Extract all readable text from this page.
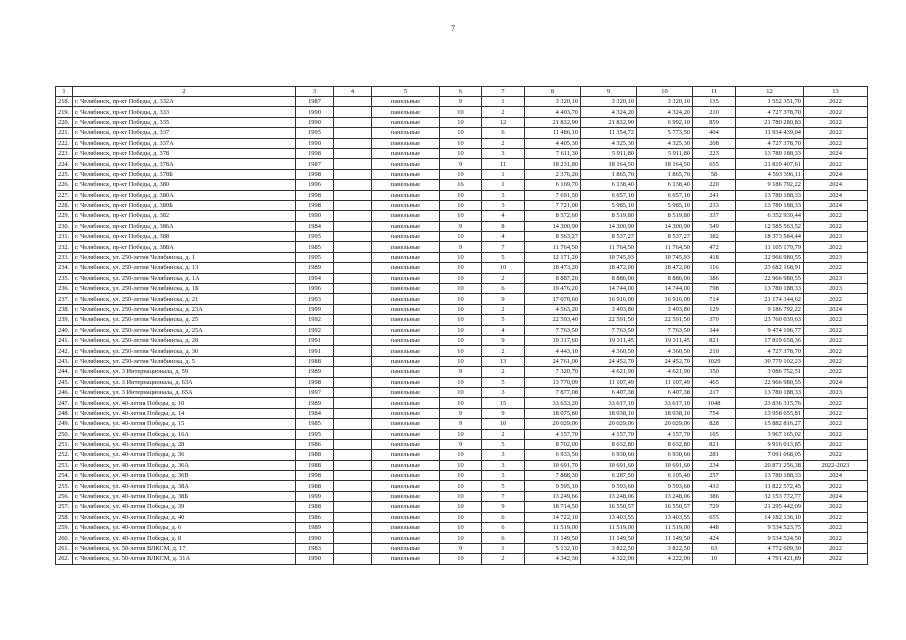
7
1	2	3	4	5	6	7	8	9	10	11	12	13
218.	г. Челябинск, пр-кт Победы, д. 332А	1987		панельные	9	1	3 320,10	3 320,10	3 320,10	135	1 552 351,70	2022
219.	г. Челябинск, пр-кт Победы, д. 333	1990		панельные	10	2	4 403,70	4 324,20	4 324,20	210	4 727 378,70	2022
220.	г. Челябинск, пр-кт Победы, д. 335	1990		панельные	10	12	21 832,90	21 832,90	6 992,10	859	21 780 280,83	2022
221.	г. Челябинск, пр-кт Победы, д. 337	1995		панельные	10	6	11 486,10	11 354,72	5 773,50	404	11 934 439,04	2022
222.	г. Челябинск, пр-кт Победы, д. 337А	1990		панельные	10	2	4 405,30	4 325,30	4 325,30	208	4 727 378,70	2022
223.	г. Челябинск, пр-кт Победы, д. 378	1998		панельные	10	3	7 611,30	5 911,80	5 911,80	223	13 780 188,33	2024
224.	г. Челябинск, пр-кт Победы, д. 378А	1987		панельные	9	11	18 231,80	18 164,50	18 164,50	655	21 819 407,61	2022
225.	г. Челябинск, пр-кт Победы, д. 378Б	1998		панельные	10	1	2 376,20	1 865,70	1 865,70	58	4 593 396,11	2024
226.	г. Челябинск, пр-кт Победы, д. 380	1996		панельные	16	1	6 169,70	6 138,40	6 138,40	220	9 186 792,22	2024
227.	г. Челябинск, пр-кт Победы, д. 380А	1998		панельные	10	3	7 691,50	6 057,10	6 057,10	241	13 780 188,33	2024
228.	г. Челябинск, пр-кт Победы, д. 380Б	1998		панельные	10	3	7 721,00	5 985,10	5 985,10	233	13 780 188,33	2024
229.	г. Челябинск, пр-кт Победы, д. 382	1990		панельные	10	4	8 572,60	8 519,80	8 519,80	337	6 352 939,44	2022
230.	г. Челябинск, пр-кт Победы, д. 386А	1984		панельные	9	8	14 300,90	14 300,90	14 300,90	549	12 585 563,52	2022
231.	г. Челябинск, пр-кт Победы, д. 388	1995		панельные	10	4	8 563,27	8 537,27	8 537,27	382	18 373 584,44	2023
232.	г. Челябинск, пр-кт Победы, д. 388А	1985		панельные	9	7	11 764,50	11 764,50	11 764,50	472	11 105 179,79	2022
233.	г. Челябинск, ул. 250-летия Челябинска, д. 1	1995		панельные	10	5	12 171,20	10 745,93	10 745,93	418	22 966 980,55	2023
234.	г. Челябинск, ул. 250-летия Челябинска, д. 13	1989		панельные	10	10	18 473,20	18 472,00	18 472,00	116	23 682 168,91	2022
235.	г. Челябинск, ул. 250-летия Челябинска, д. 1А	1994		панельные	10	2	8 887,20	8 886,00	8 886,00	386	22 966 980,55	2023
236.	г. Челябинск, ул. 250-летия Челябинска, д. 1Б	1996		панельные	10	6	19 476,20	14 744,00	14 744,00	798	13 780 188,33	2023
237.	г. Челябинск, ул. 250-летия Челябинска, д. 21	1993		панельные	10	9	17 070,60	16 916,00	16 916,00	714	21 174 344,62	2022
238.	г. Челябинск, ул. 250-летия Челябинска, д. 23А	1999		панельные	10	2	4 563,20	3 493,80	3 493,80	129	9 186 792,22	2024
239.	г. Челябинск, ул. 250-летия Челябинска, д. 25	1992		панельные	10	5	22 593,40	22 591,50	22 591,50	370	23 760 039,63	2022
240.	г. Челябинск, ул. 250-летия Челябинска, д. 25А	1992		панельные	10	4	7 763,50	7 763,50	7 763,50	344	9 474 196,77	2022
241.	г. Челябинск, ул. 250-летия Челябинска, д. 28	1991		панельные	10	9	19 317,60	19 311,45	19 311,45	821	17 819 658,36	2022
242.	г. Челябинск, ул. 250-летия Челябинска, д. 30	1991		панельные	10	2	4 443,10	4 360,50	4 360,50	210	4 727 378,70	2022
243.	г. Челябинск, ул. 250-летия Челябинска, д. 5	1988		панельные	10	13	24 761,00	24 452,70	24 452,70	1029	30 779 102,23	2022
244.	г. Челябинск, ул. 3 Интернационала, д. 59	1989		панельные	9	2	7 320,70	4 621,90	4 621,90	350	3 086 752,51	2022
245.	г. Челябинск, ул. 3 Интернационала, д. 63А	1998		панельные	10	5	13 770,09	11 107,49	11 107,49	465	22 966 980,55	2024
246.	г. Челябинск, ул. 3 Интернационала, д. 65А	1997		панельные	10	3	7 877,08	6 407,38	6 407,38	217	13 780 188,33	2023
247.	г. Челябинск, ул. 40-летия Победы, д. 10	1989		панельные	10	15	33 633,20	33 617,10	33 617,10	1048	23 836 315,76	2022
248.	г. Челябинск, ул. 40-летия Победы, д. 14	1984		панельные	9	9	18 075,80	18 038,10	18 038,10	754	13 958 655,81	2022
249.	г. Челябинск, ул. 40-летия Победы, д. 15	1985		панельные	9	10	20 029,06	20 029,06	20 029,06	828	15 882 816,27	2022
250.	г. Челябинск, ул. 40-летия Победы, д. 16А	1995		панельные	10	2	4 157,70	4 157,70	4 157,70	105	3 967 165,02	2022
251.	г. Челябинск, ул. 40-летия Победы, д. 28	1986		панельные	9	5	8 702,00	8 632,80	8 632,80	821	9 916 013,85	2022
252.	г. Челябинск, ул. 40-летия Победы, д. 36	1988		панельные	10	3	6 933,50	6 930,60	6 930,60	281	7 091 068,05	2022
253.	г. Челябинск, ул. 40-летия Победы, д. 36А	1988		панельные	10	3	10 691,70	10 691,60	10 691,60	234	20 871 256,38	2022-2023
254.	г. Челябинск, ул. 40-летия Победы, д. 36В	1998		панельные	10	3	7 888,30	6 287,50	6 105,40	257	13 780 188,33	2024
255.	г. Челябинск, ул. 40-летия Победы, д. 38А	1988		панельные	10	5	9 595,10	9 593,60	9 593,60	433	11 822 572,45	2022
256.	г. Челябинск, ул. 40-летия Победы, д. 38Б	1999		панельные	10	7	13 249,66	13 248,06	13 248,06	386	32 153 772,77	2024
257.	г. Челябинск, ул. 40-летия Победы, д. 39	1988		панельные	10	9	18 714,50	16 550,57	16 550,57	729	21 295 442,09	2022
258.	г. Челябинск, ул. 40-летия Победы, д. 40	1986		панельные	10	6	14 722,10	13 403,55	13 403,55	655	14 182 136,10	2022
259.	г. Челябинск, ул. 40-летия Победы, д. 6	1989		панельные	10	6	11 519,00	11 519,00	11 519,00	448	9 534 523,75	2022
260.	г. Челябинск, ул. 40-летия Победы, д. 8	1990		панельные	10	6	11 149,50	11 149,50	11 149,50	424	9 534 524,50	2022
261.	г. Челябинск, ул. 50-летия ВЛКСМ, д. 17	1983		панельные	9	1	5 132,10	3 822,50	3 822,50	63	4 772 609,30	2022
262.	г. Челябинск, ул. 50-летия ВЛКСМ, д. 31А	1990		панельные	10	2	4 342,30	4 322,00	4 222,00	10	4 791 421,89	2022
